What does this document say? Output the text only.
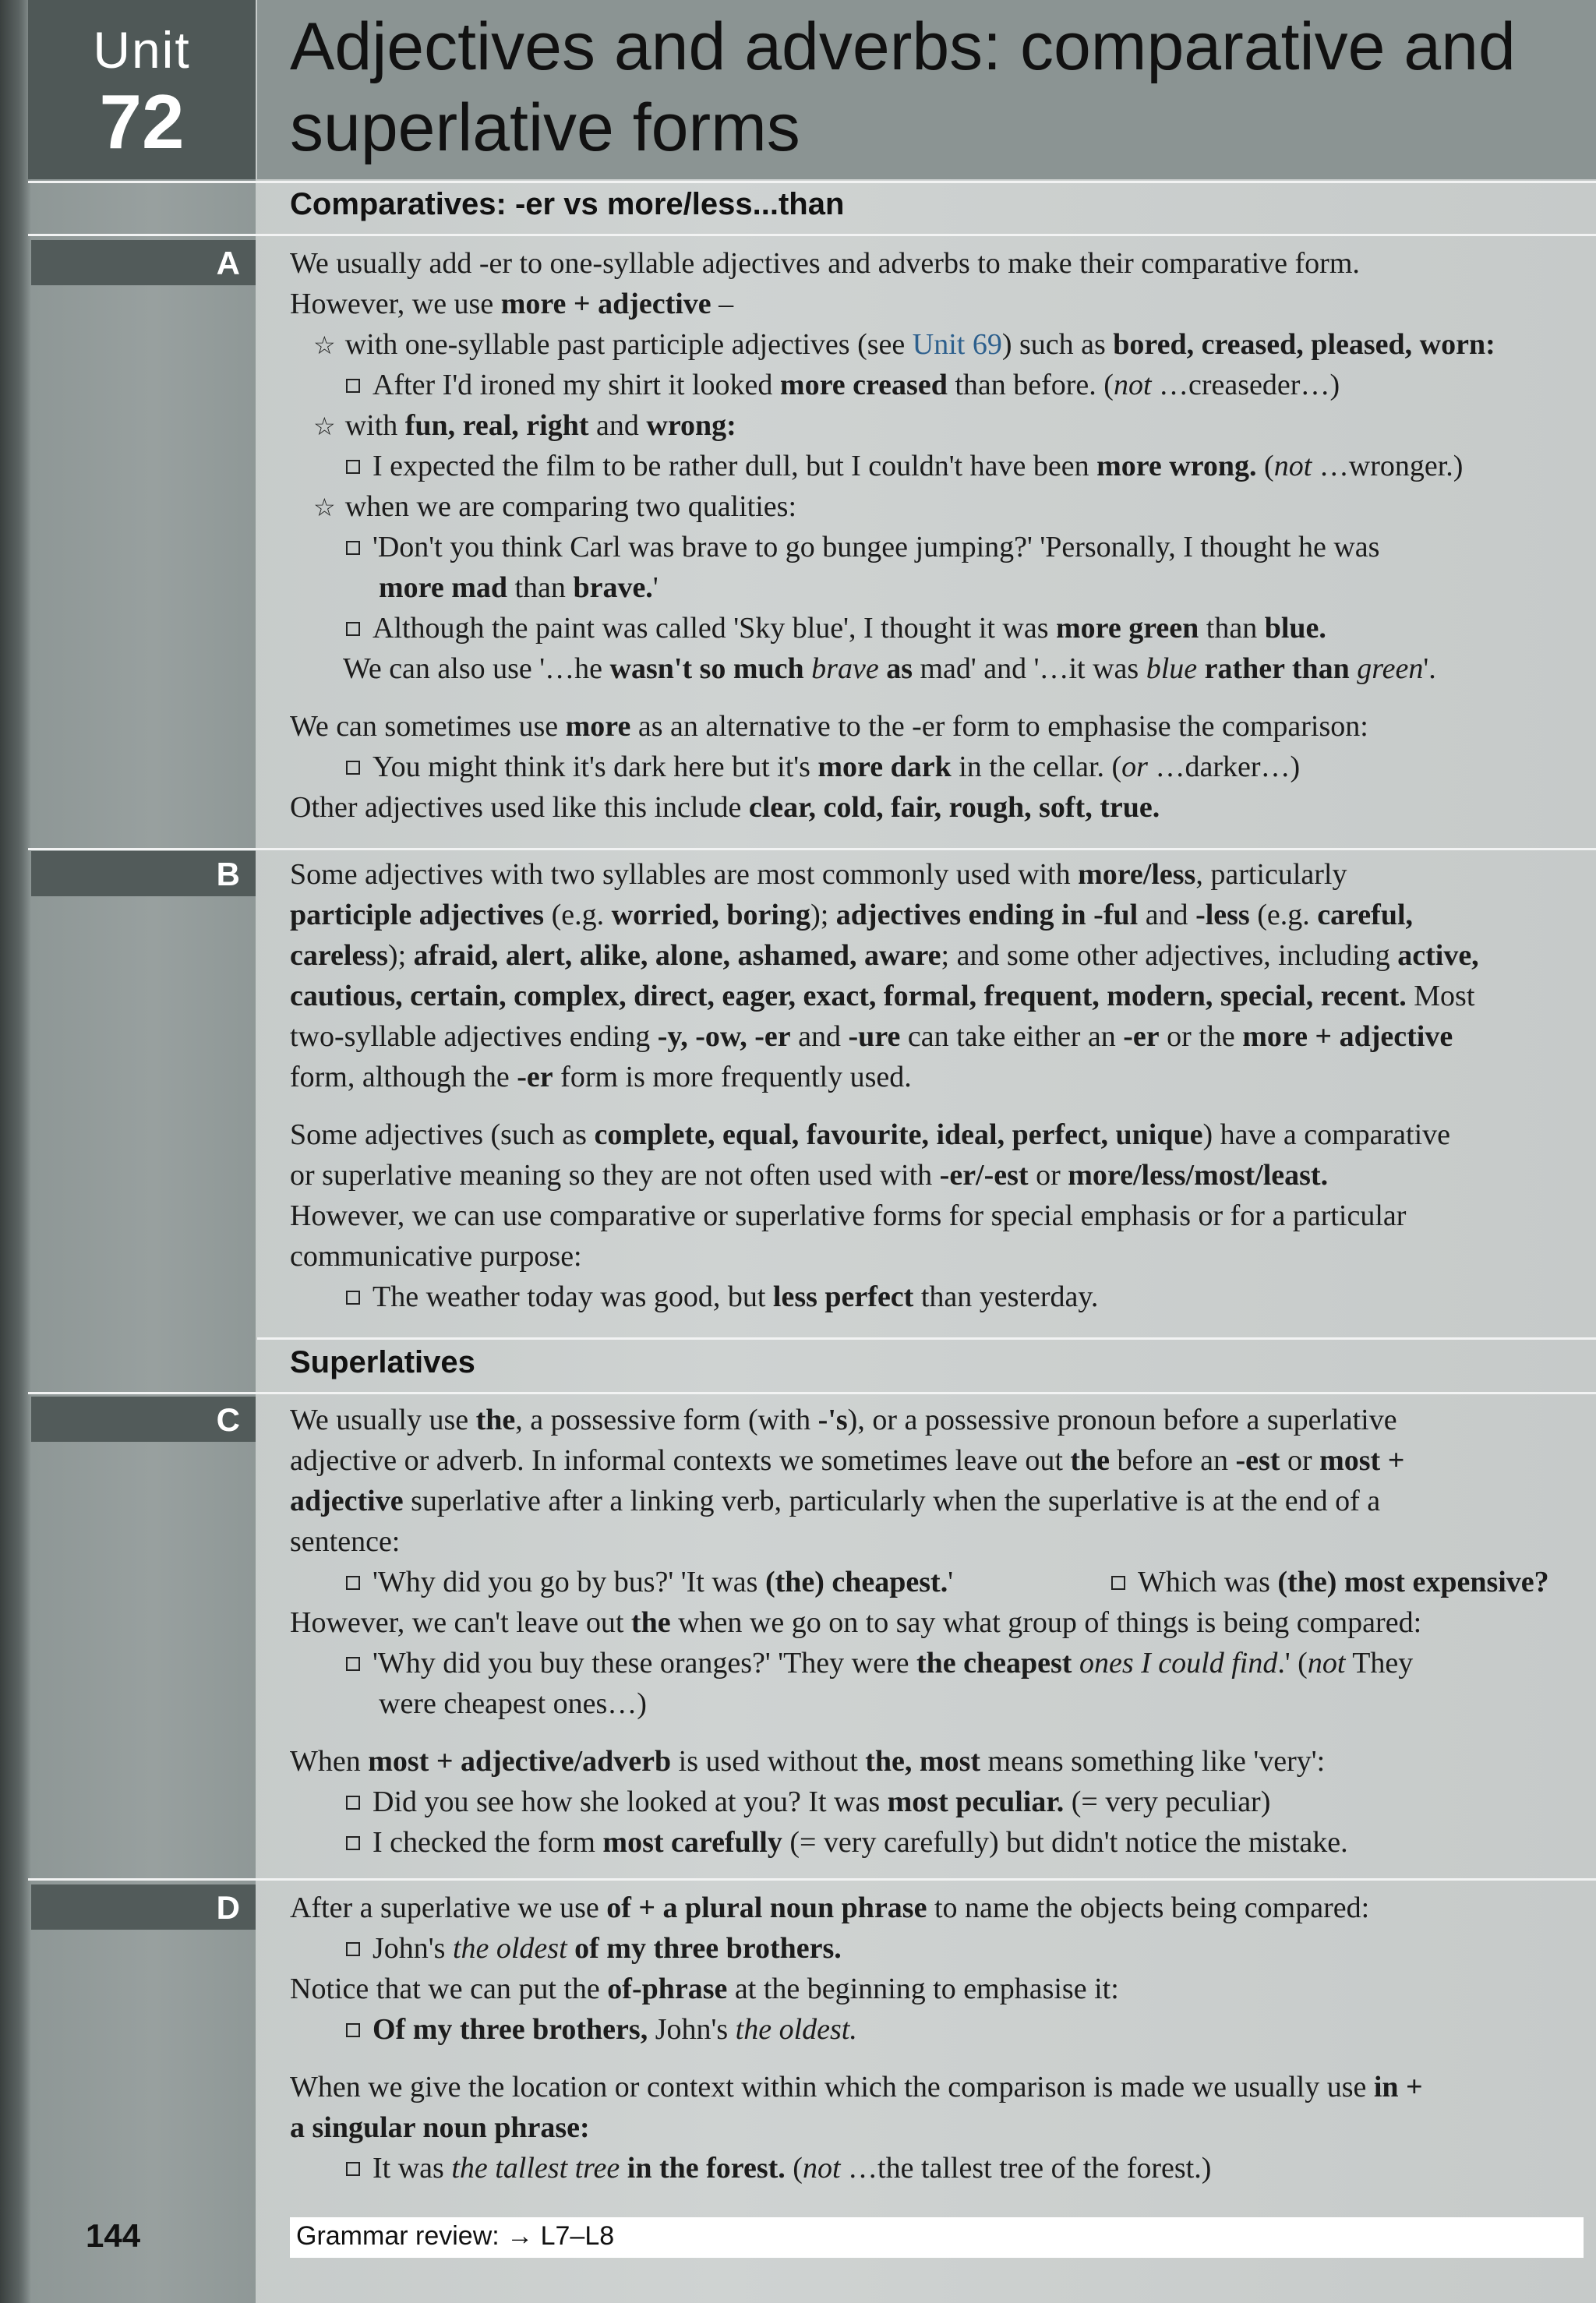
Unit
72
Adjectives and adverbs: comparative and
superlative forms
Comparatives: -er vs more/less...than
A We usually add -er to one-syllable adjectives and adverbs to make their comparative form.
However, we use more + adjective –
☆ with one-syllable past participle adjectives (see Unit 69) such as bored, creased, pleased, worn:
After I'd ironed my shirt it looked more creased than before. (not …creaseder…)
☆ with fun, real, right and wrong:
I expected the film to be rather dull, but I couldn't have been more wrong. (not …wronger.)
☆ when we are comparing two qualities:
'Don't you think Carl was brave to go bungee jumping?' 'Personally, I thought he was
more mad than brave.'
Although the paint was called 'Sky blue', I thought it was more green than blue.
We can also use '…he wasn't so much brave as mad' and '…it was blue rather than green'.
We can sometimes use more as an alternative to the -er form to emphasise the comparison:
You might think it's dark here but it's more dark in the cellar. (or …darker…)
Other adjectives used like this include clear, cold, fair, rough, soft, true.
B Some adjectives with two syllables are most commonly used with more/less, particularly
participle adjectives (e.g. worried, boring); adjectives ending in -ful and -less (e.g. careful,
careless); afraid, alert, alike, alone, ashamed, aware; and some other adjectives, including active,
cautious, certain, complex, direct, eager, exact, formal, frequent, modern, special, recent. Most
two-syllable adjectives ending -y, -ow, -er and -ure can take either an -er or the more + adjective
form, although the -er form is more frequently used.
Some adjectives (such as complete, equal, favourite, ideal, perfect, unique) have a comparative
or superlative meaning so they are not often used with -er/-est or more/less/most/least.
However, we can use comparative or superlative forms for special emphasis or for a particular
communicative purpose:
The weather today was good, but less perfect than yesterday.
Superlatives
C We usually use the, a possessive form (with -'s), or a possessive pronoun before a superlative
adjective or adverb. In informal contexts we sometimes leave out the before an -est or most +
adjective superlative after a linking verb, particularly when the superlative is at the end of a
sentence:
'Why did you go by bus?' 'It was (the) cheapest.'	Which was (the) most expensive?
However, we can't leave out the when we go on to say what group of things is being compared:
'Why did you buy these oranges?' 'They were the cheapest ones I could find.' (not They
were cheapest ones…)
When most + adjective/adverb is used without the, most means something like 'very':
Did you see how she looked at you? It was most peculiar. (= very peculiar)
I checked the form most carefully (= very carefully) but didn't notice the mistake.
D After a superlative we use of + a plural noun phrase to name the objects being compared:
John's the oldest of my three brothers.
Notice that we can put the of-phrase at the beginning to emphasise it:
Of my three brothers, John's the oldest.
When we give the location or context within which the comparison is made we usually use in +
a singular noun phrase:
It was the tallest tree in the forest. (not …the tallest tree of the forest.)
144	Grammar review: → L7–L8
